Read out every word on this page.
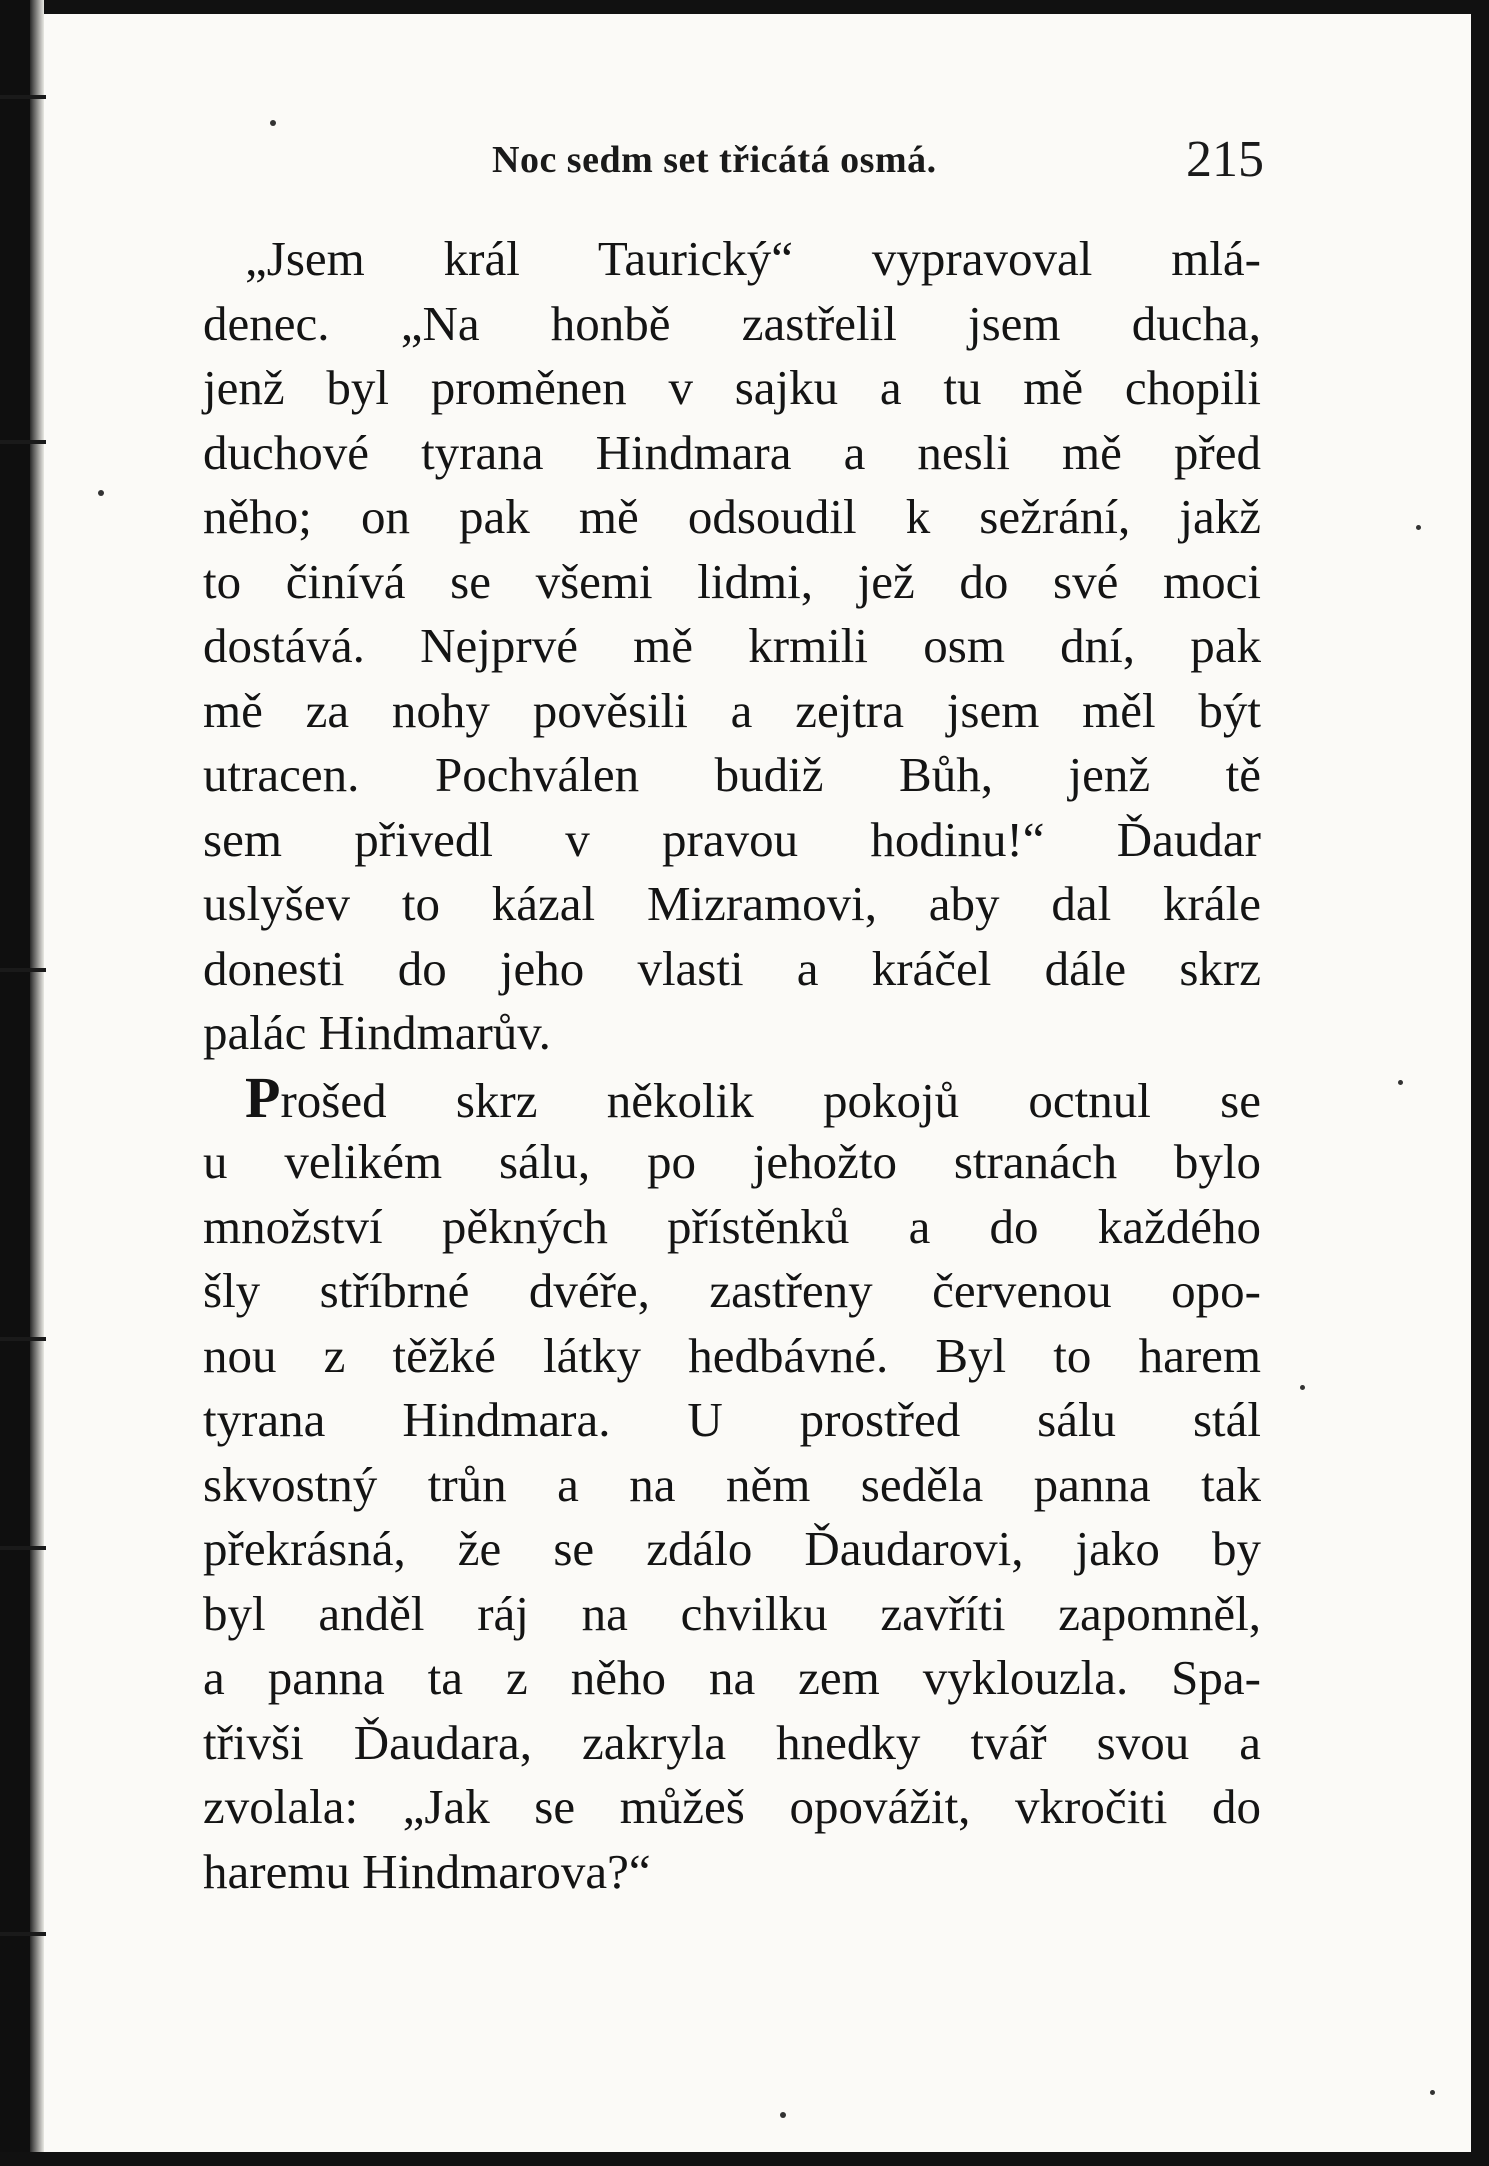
Noc sedm set třicátá osmá.	215
„Jsem král Taurický“ vypravoval mlá-
denec. „Na honbě zastřelil jsem ducha,
jenž byl proměnen v sajku a tu mě chopili
duchové tyrana Hindmara a nesli mě před
něho; on pak mě odsoudil k sežrání, jakž
to činívá se všemi lidmi, jež do své moci
dostává. Nejprvé mě krmili osm dní, pak
mě za nohy pověsili a zejtra jsem měl být
utracen. Pochválen budiž Bůh, jenž tě
sem přivedl v pravou hodinu!“ Ďaudar
uslyšev to kázal Mizramovi, aby dal krále
donesti do jeho vlasti a kráčel dále skrz
palác Hindmarův.
Prošed skrz několik pokojů octnul se
u velikém sálu, po jehožto stranách bylo
množství pěkných přístěnků a do každého
šly stříbrné dvéře, zastřeny červenou opo-
nou z těžké látky hedbávné. Byl to harem
tyrana Hindmara. U prostřed sálu stál
skvostný trůn a na něm seděla panna tak
překrásná, že se zdálo Ďaudarovi, jako by
byl anděl ráj na chvilku zavříti zapomněl,
a panna ta z něho na zem vyklouzla. Spa-
třivši Ďaudara, zakryla hnedky tvář svou a
zvolala: „Jak se můžeš opovážit, vkročiti do
haremu Hindmarova?“
